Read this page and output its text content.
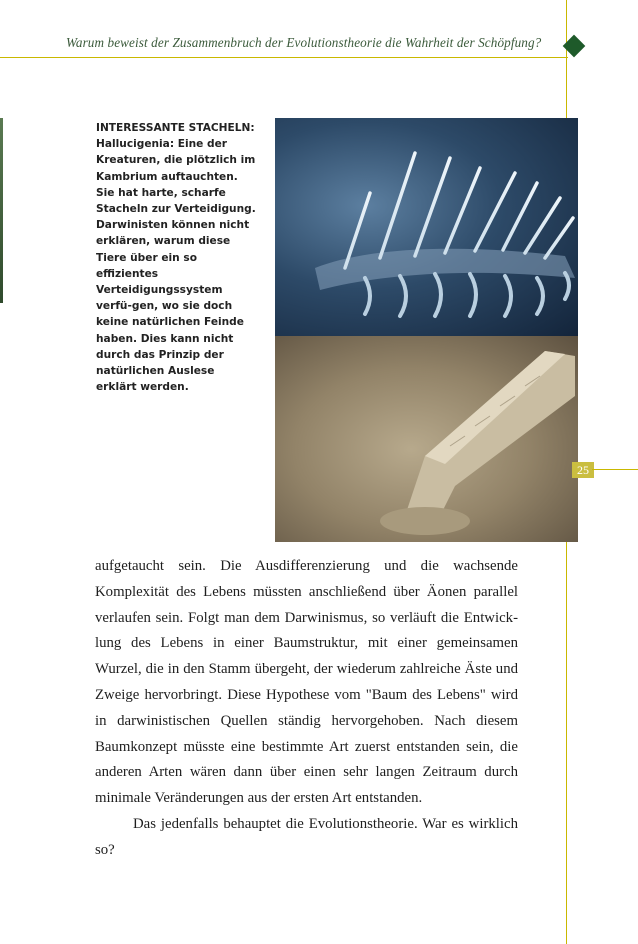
Warum beweist der Zusammenbruch der Evolutionstheorie die Wahrheit der Schöpfung?
INTERESSANTE STACHELN:
Hallucigenia: Eine der Kreaturen, die plötzlich im Kambrium auftauchten. Sie hat harte, scharfe Stacheln zur Verteidigung. Darwinisten können nicht erklären, warum diese Tiere über ein so effizientes Verteidigungssystem verfü-gen, wo sie doch keine natürlichen Feinde haben. Dies kann nicht durch das Prinzip der natürlichen Auslese erklärt werden.
25

aufgetaucht sein. Die Ausdifferenzierung und die wachsende Komplexität des Lebens müssten anschließend über Äonen parallel verlaufen sein. Folgt man dem Darwinismus, so verläuft die Entwick-lung des Lebens in einer Baumstruktur, mit einer gemeinsamen Wurzel, die in den Stamm übergeht, der wiederum zahlreiche Äste und Zweige hervorbringt. Diese Hypothese vom "Baum des Lebens" wird in darwinistischen Quellen ständig hervorgehoben. Nach diesem Baumkonzept müsste eine bestimmte Art zuerst entstanden sein, die anderen Arten wären dann über einen sehr langen Zeitraum durch minimale Veränderungen aus der ersten Art entstanden.

Das jedenfalls behauptet die Evolutionstheorie. War es wirklich so?
